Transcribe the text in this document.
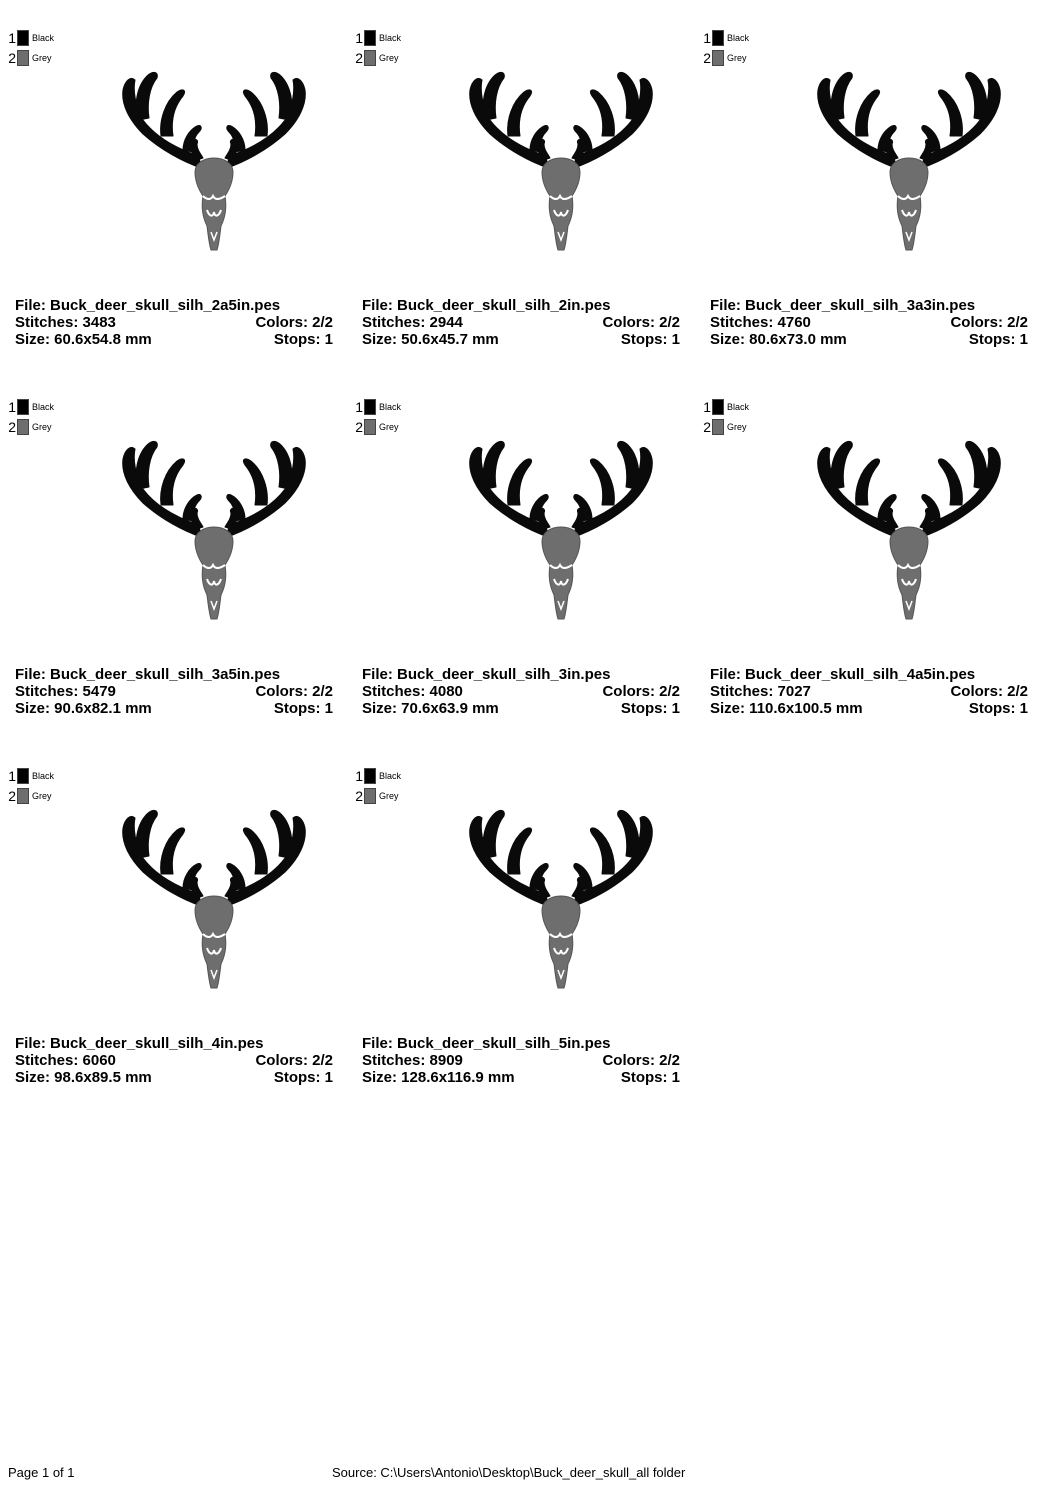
1 Black
2 Grey
File: Buck_deer_skull_silh_2a5in.pes
Stitches: 3483	Colors: 2/2
Size: 60.6x54.8 mm	Stops: 1
1 Black
2 Grey
File: Buck_deer_skull_silh_2in.pes
Stitches: 2944	Colors: 2/2
Size: 50.6x45.7 mm	Stops: 1
1 Black
2 Grey
File: Buck_deer_skull_silh_3a3in.pes
Stitches: 4760	Colors: 2/2
Size: 80.6x73.0 mm	Stops: 1
1 Black
2 Grey
File: Buck_deer_skull_silh_3a5in.pes
Stitches: 5479	Colors: 2/2
Size: 90.6x82.1 mm	Stops: 1
1 Black
2 Grey
File: Buck_deer_skull_silh_3in.pes
Stitches: 4080	Colors: 2/2
Size: 70.6x63.9 mm	Stops: 1
1 Black
2 Grey
File: Buck_deer_skull_silh_4a5in.pes
Stitches: 7027	Colors: 2/2
Size: 110.6x100.5 mm	Stops: 1
1 Black
2 Grey
File: Buck_deer_skull_silh_4in.pes
Stitches: 6060	Colors: 2/2
Size: 98.6x89.5 mm	Stops: 1
1 Black
2 Grey
File: Buck_deer_skull_silh_5in.pes
Stitches: 8909	Colors: 2/2
Size: 128.6x116.9 mm	Stops: 1
Page 1 of 1	Source: C:\Users\Antonio\Desktop\Buck_deer_skull_all folder
